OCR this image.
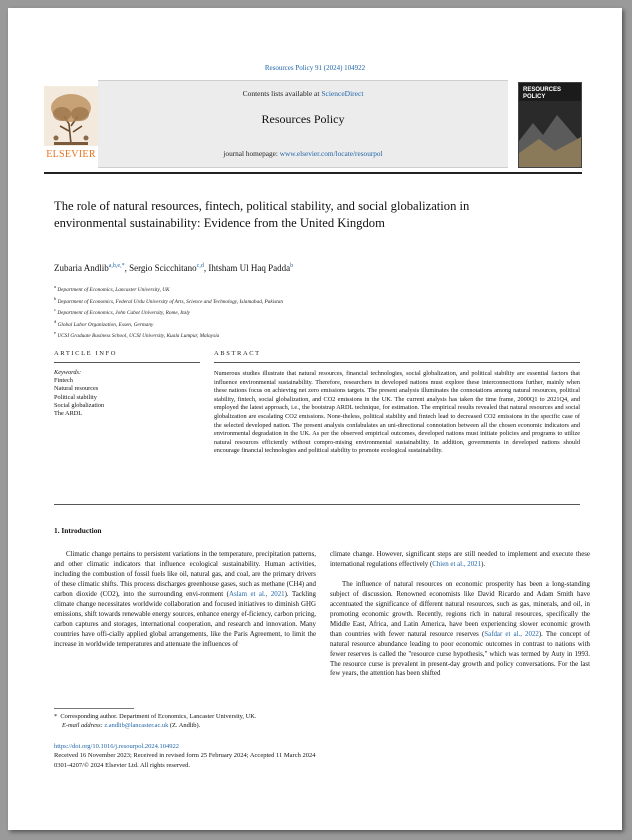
Resources Policy 91 (2024) 104922
ELSEVIER
Contents lists available at ScienceDirect
Resources Policy
journal homepage: www.elsevier.com/locate/resourpol
RESOURCES
POLICY
The role of natural resources, fintech, political stability, and social globalization in environmental sustainability: Evidence from the United Kingdom
Zubaria Andlib$^{a,b,e,*}$, Sergio Scicchitano$^{c,d}$, Ihtsham Ul Haq Padda$^b$
$^a$ Department of Economics, Lancaster University, UK
$^b$ Department of Economics, Federal Urdu University of Arts, Science and Technology, Islamabad, Pakistan
$^c$ Department of Economics, John Cabot University, Rome, Italy
$^d$ Global Labor Organization, Essen, Germany
$^e$ UCSI Graduate Business School, UCSI University, Kuala Lumpur, Malaysia
ARTICLE INFO	ABSTRACT
Keywords:
Fintech
Natural resources
Political stability
Social globalization
The ARDL
Numerous studies illustrate that natural resources, financial technologies, social globalization, and political stability are essential factors that influence environmental sustainability. Therefore, researchers in developed nations must explore these interconnections further, mainly when these nations focus on achieving net zero emissions targets. The present analysis illuminates the connotations among natural resources, political stability, fintech, social globalization, and CO2 emissions in the UK. The current analysis has taken the time frame, 2000Q1 to 2021Q4, and employed the latest approach, i.e., the bootstrap ARDL technique, for estimation. The empirical results revealed that natural resources and social globalization are escalating CO2 emissions. None-theless, political stability and fintech lead to decreased CO2 emissions in the specific case of the selected developed nation. The present analysis confabulates an uni-directional connotation between all the chosen economic indicators and environmental degradation in the UK. As per the observed empirical outcomes, developed nations must initiate policies and programs to utilize natural resources efficiently without compro-mising environmental sustainability. In addition, governments in developed nations should encourage financial technologies and political stability to promote ecological sustainability.
1. Introduction

Climatic change pertains to persistent variations in the temperature, precipitation patterns, and other climatic indicators that influence ecological sustainability. Human activities, including the combustion of fossil fuels like oil, natural gas, and coal, are the primary drivers of these climatic shifts. This process discharges greenhouse gases, such as methane (CH4) and carbon dioxide (CO2), into the surrounding envi-ronment (Aslam et al., 2021). Tackling climate change necessitates worldwide collaboration and focused initiatives to diminish GHG emissions, shift towards renewable energy sources, enhance energy ef-ficiency, carbon pricing, carbon captures and storages, international cooperation, and research and innovation. Many countries have offi-cially applied global arrangements, like the Paris Agreement, to limit the increase in worldwide temperatures and attenuate the influences of

climate change. However, significant steps are still needed to implement and execute these international regulations effectively (Chien et al., 2021).

The influence of natural resources on economic prosperity has been a long-standing subject of discussion. Renowned economists like David Ricardo and Adam Smith have accentuated the significance of different natural resources, such as gas, minerals, and oil, in promoting economic growth. Recently, regions rich in natural resources, specifically the Middle East, Africa, and Latin America, have been experiencing slower economic growth than countries with fewer natural resource reserves (Safdar et al., 2022). The concept of natural resource abundance leading to poor economic outcomes in contrast to nations with fewer reserves is called the "resource curse hypothesis," which was termed by Auty in 1993. The resource curse is prevalent in present-day growth and policy conversations. For the last few years, the attention has been shifted

* Corresponding author. Department of Economics, Lancaster University, UK.
E-mail address: z.andlib@lancaster.ac.uk (Z. Andlib).
https://doi.org/10.1016/j.resourpol.2024.104922
Received 16 November 2023; Received in revised form 25 February 2024; Accepted 11 March 2024
0301-4207/© 2024 Elsevier Ltd. All rights reserved.
